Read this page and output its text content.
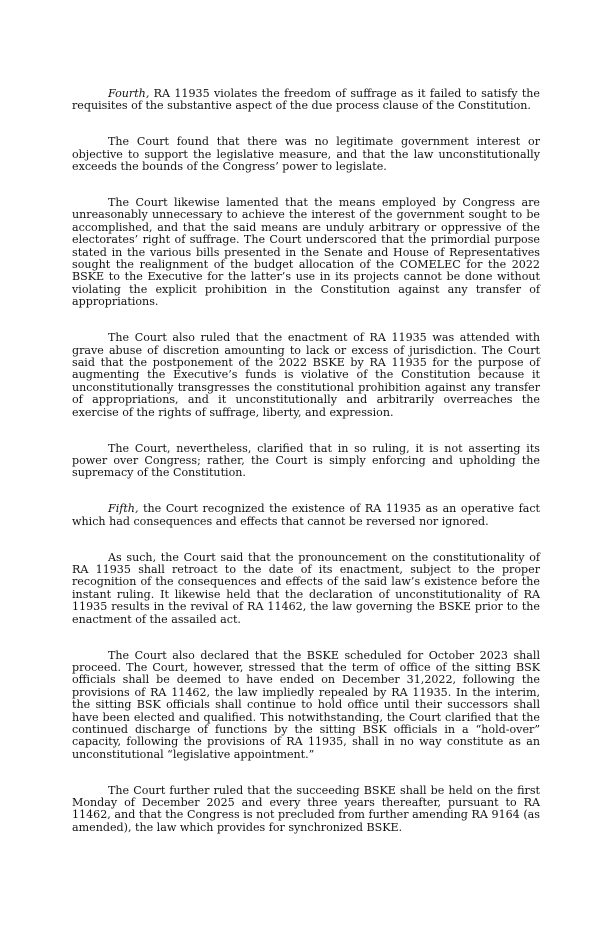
Fourth, RA 11935 violates the freedom of suffrage as it failed to satisfy the requisites of the substantive aspect of the due process clause of the Constitution.

The Court found that there was no legitimate government interest or objective to support the legislative measure, and that the law unconstitutionally exceeds the bounds of the Congress’ power to legislate.

The Court likewise lamented that the means employed by Congress are unreasonably unnecessary to achieve the interest of the government sought to be accomplished, and that the said means are unduly arbitrary or oppressive of the electorates’ right of suffrage. The Court underscored that the primordial purpose stated in the various bills presented in the Senate and House of Representatives sought the realignment of the budget allocation of the COMELEC for the 2022 BSKE to the Executive for the latter’s use in its projects cannot be done without violating the explicit prohibition in the Constitution against any transfer of appropriations.

The Court also ruled that the enactment of RA 11935 was attended with grave abuse of discretion amounting to lack or excess of jurisdiction. The Court said that the postponement of the 2022 BSKE by RA 11935 for the purpose of augmenting the Executive’s funds is violative of the Constitution because it unconstitutionally transgresses the constitutional prohibition against any transfer of appropriations, and it unconstitutionally and arbitrarily overreaches the exercise of the rights of suffrage, liberty, and expression.

The Court, nevertheless, clarified that in so ruling, it is not asserting its power over Congress; rather, the Court is simply enforcing and upholding the supremacy of the Constitution.

Fifth, the Court recognized the existence of RA 11935 as an operative fact which had consequences and effects that cannot be reversed nor ignored.

As such, the Court said that the pronouncement on the constitutionality of RA 11935 shall retroact to the date of its enactment, subject to the proper recognition of the consequences and effects of the said law’s existence before the instant ruling. It likewise held that the declaration of unconstitutionality of RA 11935 results in the revival of RA 11462, the law governing the BSKE prior to the enactment of the assailed act.

The Court also declared that the BSKE scheduled for October 2023 shall proceed. The Court, however, stressed that the term of office of the sitting BSK officials shall be deemed to have ended on December 31,2022, following the provisions of RA 11462, the law impliedly repealed by RA 11935. In the interim, the sitting BSK officials shall continue to hold office until their successors shall have been elected and qualified. This notwithstanding, the Court clarified that the continued discharge of functions by the sitting BSK officials in a “hold-over” capacity, following the provisions of RA 11935, shall in no way constitute as an unconstitutional “legislative appointment.”

The Court further ruled that the succeeding BSKE shall be held on the first Monday of December 2025 and every three years thereafter, pursuant to RA 11462, and that the Congress is not precluded from further amending RA 9164 (as amended), the law which provides for synchronized BSKE.
